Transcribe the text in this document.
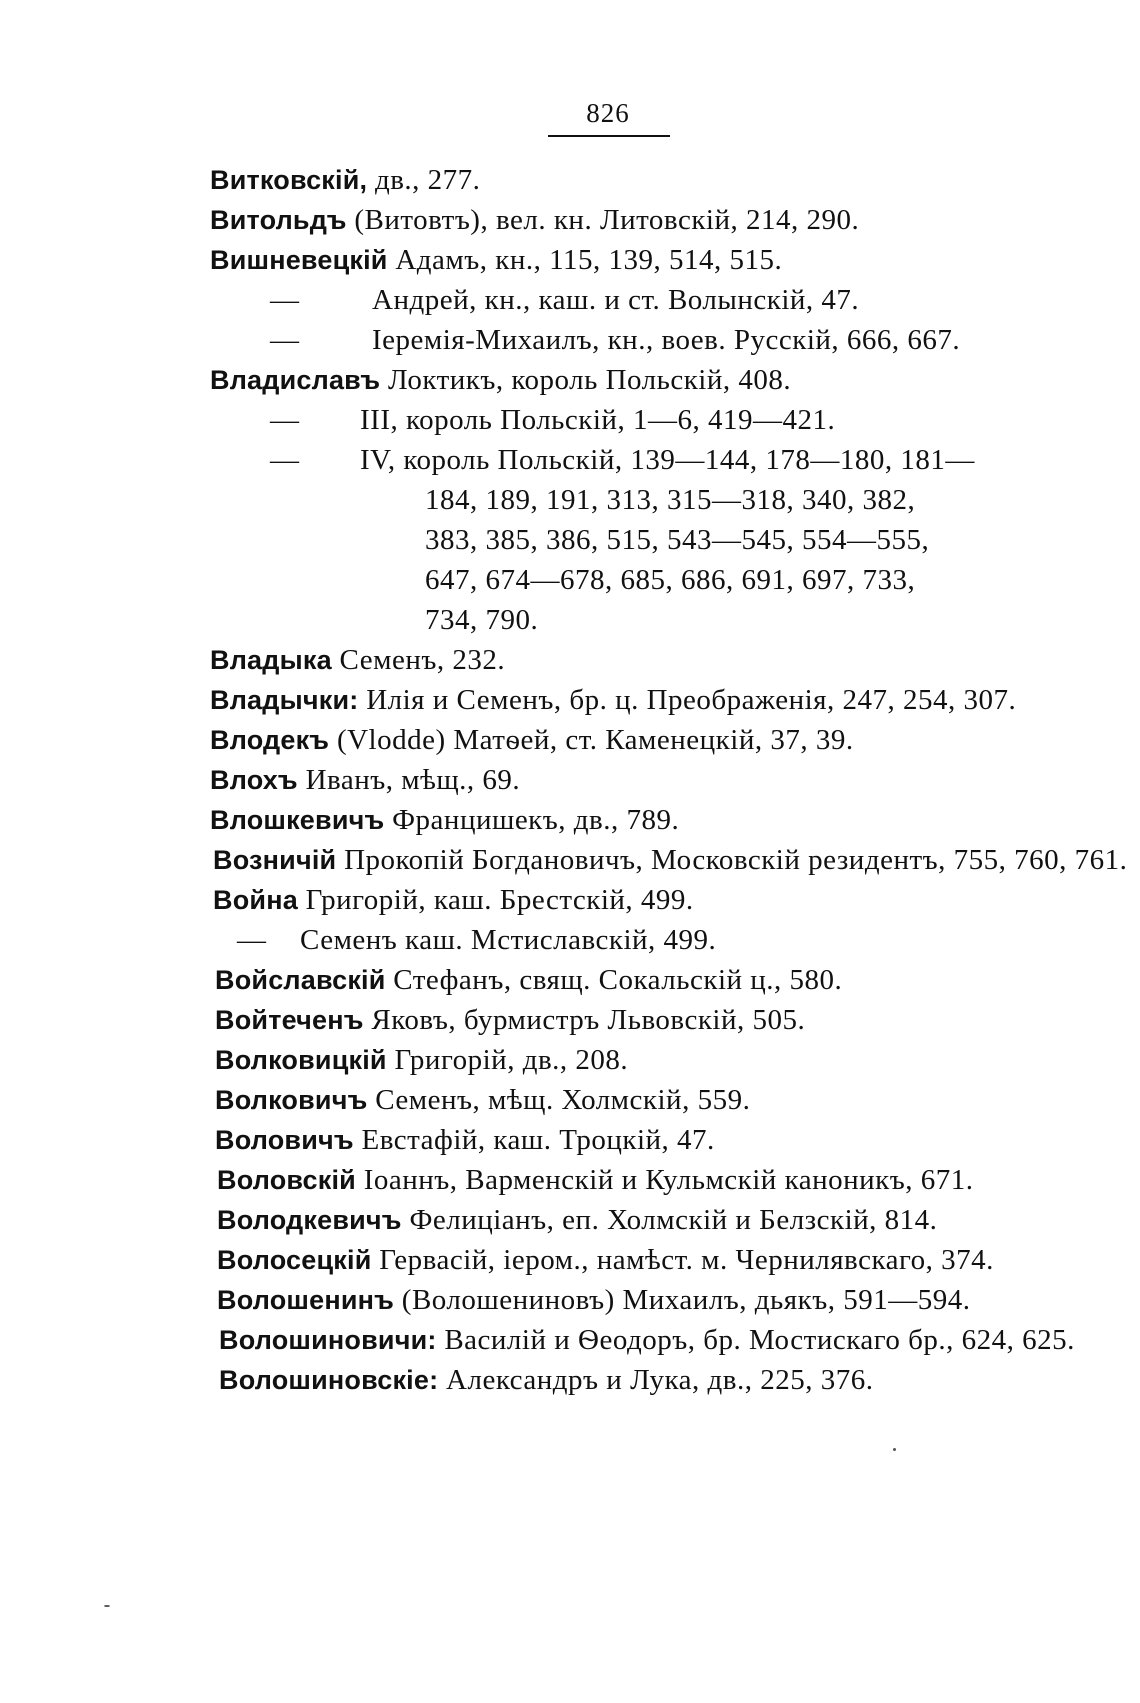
826
Витковскій, дв., 277.
Витольдъ (Витовтъ), вел. кн. Литовскій, 214, 290.
Вишневецкій Адамъ, кн., 115, 139, 514, 515.
—	Андрей, кн., каш. и ст. Волынскій, 47.
—	Іеремія-Михаилъ, кн., воев. Русскій, 666, 667.
Владиславъ Локтикъ, король Польскій, 408.
— III, король Польскій, 1—6, 419—421.
— IV, король Польскій, 139—144, 178—180, 181—
184, 189, 191, 313, 315—318, 340, 382,
383, 385, 386, 515, 543—545, 554—555,
647, 674—678, 685, 686, 691, 697, 733,
734, 790.
Владыка Семенъ, 232.
Владычки: Илія и Семенъ, бр. ц. Преображенія, 247, 254, 307.
Влодекъ (Vlodde) Матѳей, ст. Каменецкій, 37, 39.
Влохъ Иванъ, мѣщ., 69.
Влошкевичъ Францишекъ, дв., 789.
Возничій Прокопій Богдановичъ, Московскій резидентъ, 755, 760, 761.
Война Григорій, каш. Брестскій, 499.
— Семенъ каш. Мстиславскій, 499.
Войславскій Стефанъ, свящ. Сокальскій ц., 580.
Войтеченъ Яковъ, бурмистръ Львовскій, 505.
Волковицкій Григорій, дв., 208.
Волковичъ Семенъ, мѣщ. Холмскій, 559.
Воловичъ Евстафій, каш. Троцкій, 47.
Воловскій Іоаннъ, Варменскій и Кульмскій каноникъ, 671.
Володкевичъ Фелиціанъ, еп. Холмскій и Белзскій, 814.
Волосецкій Гервасій, іером., намѣст. м. Чернилявскаго, 374.
Волошенинъ (Волошениновъ) Михаилъ, дьякъ, 591—594.
Волошиновичи: Василій и Ѳеодоръ, бр. Мостискаго бр., 624, 625.
Волошиновскіе: Александръ и Лука, дв., 225, 376.
